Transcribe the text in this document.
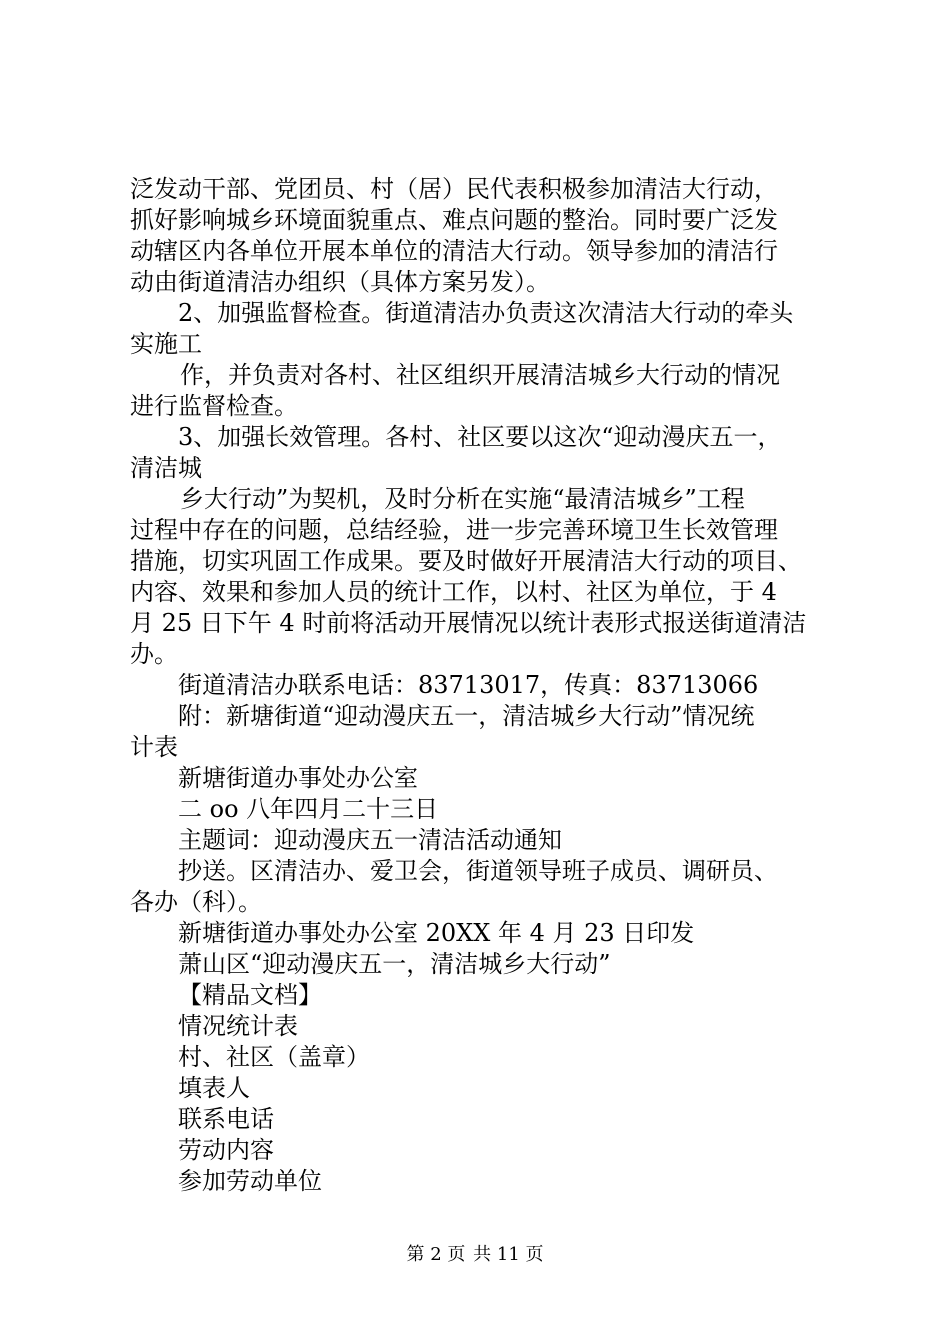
泛发动干部、党团员、村（居）民代表积极参加清洁大行动，
抓好影响城乡环境面貌重点、难点问题的整治。同时要广泛发
动辖区内各单位开展本单位的清洁大行动。领导参加的清洁行
动由街道清洁办组织（具体方案另发）。
2、加强监督检查。街道清洁办负责这次清洁大行动的牵头
实施工
作，并负责对各村、社区组织开展清洁城乡大行动的情况
进行监督检查。
3、加强长效管理。各村、社区要以这次“迎动漫庆五一，
清洁城
乡大行动”为契机，及时分析在实施“最清洁城乡”工程
过程中存在的问题，总结经验，进一步完善环境卫生长效管理
措施，切实巩固工作成果。要及时做好开展清洁大行动的项目、
内容、效果和参加人员的统计工作，以村、社区为单位，于 4
月 25 日下午 4 时前将活动开展情况以统计表形式报送街道清洁
办。
街道清洁办联系电话：83713017，传真：83713066
附：新塘街道“迎动漫庆五一，清洁城乡大行动”情况统
计表
新塘街道办事处办公室
二 oo 八年四月二十三日
主题词：迎动漫庆五一清洁活动通知
抄送。区清洁办、爱卫会，街道领导班子成员、调研员、
各办（科）。
新塘街道办事处办公室 20XX 年 4 月 23 日印发
萧山区“迎动漫庆五一，清洁城乡大行动”
【精品文档】
情况统计表
村、社区（盖章）
填表人
联系电话
劳动内容
参加劳动单位
第 2 页 共 11 页
